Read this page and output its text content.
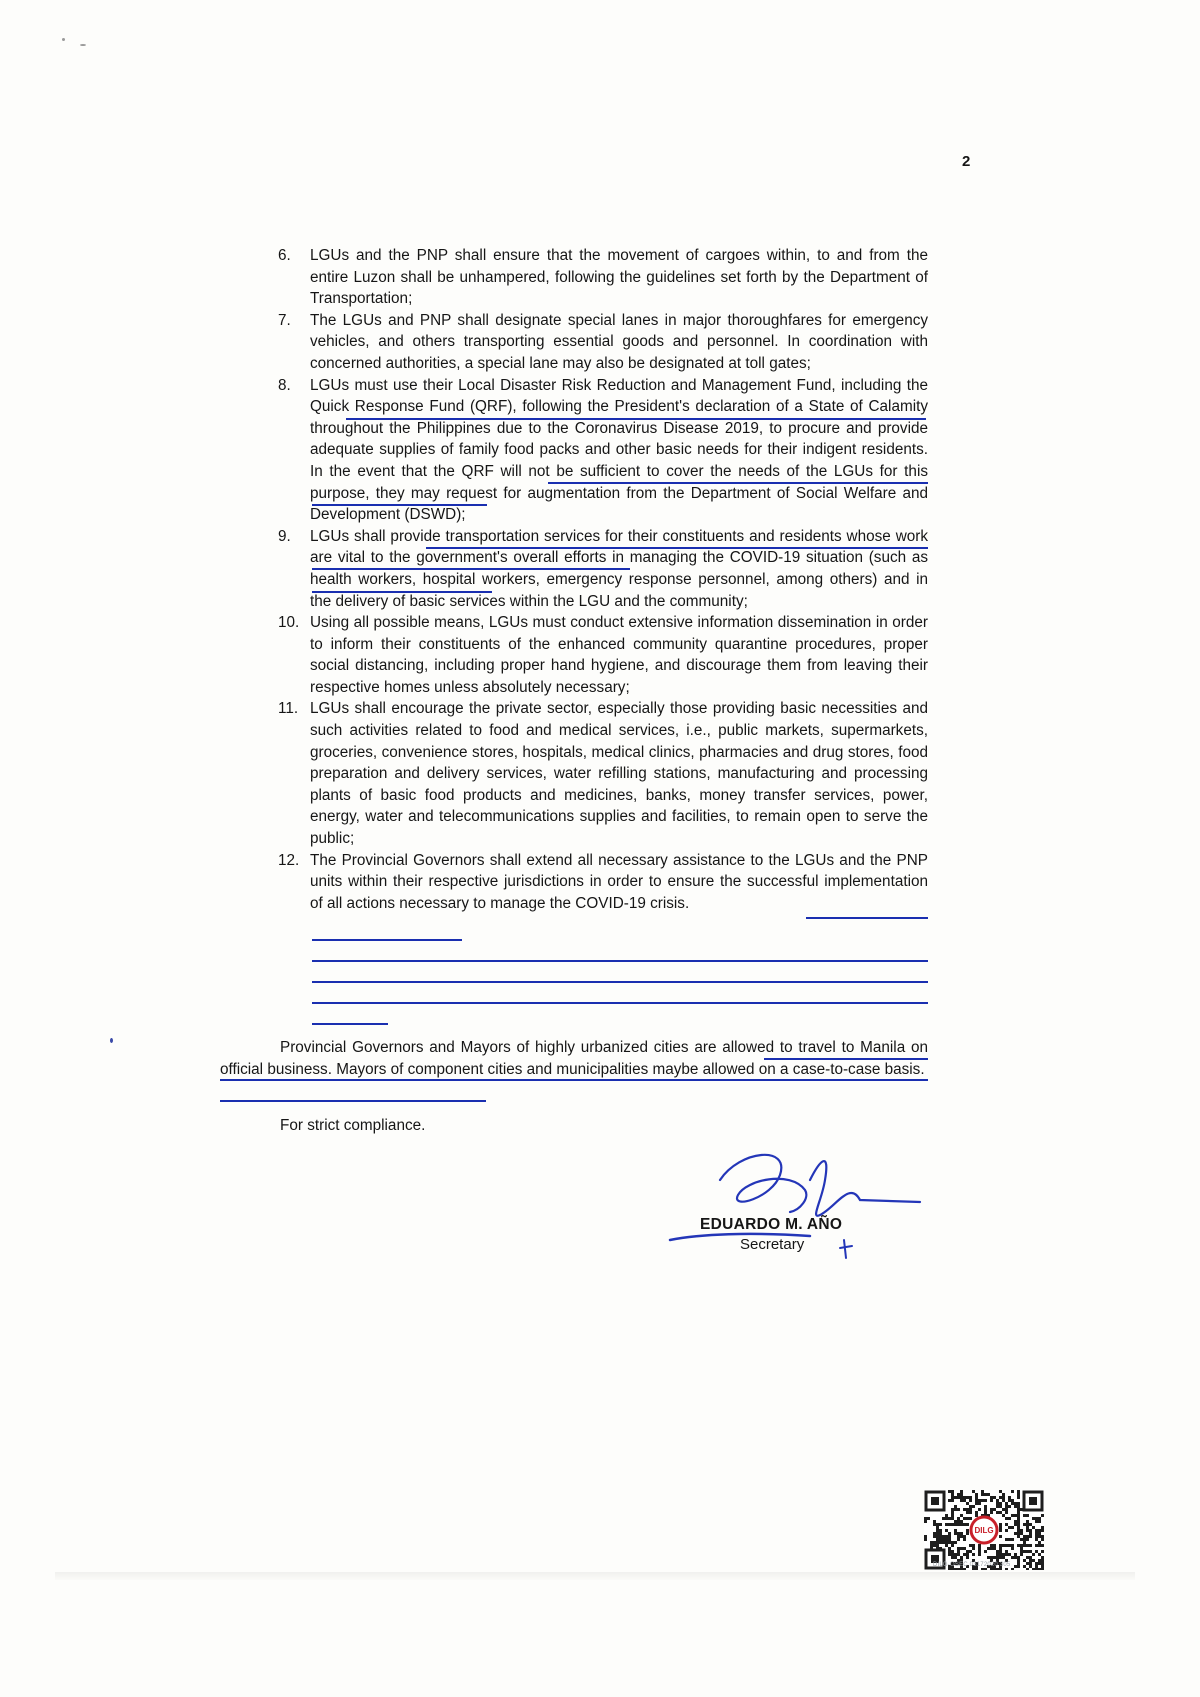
2
6.	LGUs and the PNP shall ensure that the movement of cargoes within, to and from the entire Luzon shall be unhampered, following the guidelines set forth by the Department of Transportation;
7.	The LGUs and PNP shall designate special lanes in major thoroughfares for emergency vehicles, and others transporting essential goods and personnel. In coordination with concerned authorities, a special lane may also be designated at toll gates;
8.	LGUs must use their Local Disaster Risk Reduction and Management Fund, including the Quick Response Fund (QRF), following the President's declaration of a State of Calamity throughout the Philippines due to the Coronavirus Disease 2019, to procure and provide adequate supplies of family food packs and other basic needs for their indigent residents. In the event that the QRF will not be sufficient to cover the needs of the LGUs for this purpose, they may request for augmentation from the Department of Social Welfare and Development (DSWD);
9.	LGUs shall provide transportation services for their constituents and residents whose work are vital to the government's overall efforts in managing the COVID-19 situation (such as health workers, hospital workers, emergency response personnel, among others) and in the delivery of basic services within the LGU and the community;
10. Using all possible means, LGUs must conduct extensive information dissemination in order to inform their constituents of the enhanced community quarantine procedures, proper social distancing, including proper hand hygiene, and discourage them from leaving their respective homes unless absolutely necessary;
11. LGUs shall encourage the private sector, especially those providing basic necessities and such activities related to food and medical services, i.e., public markets, supermarkets, groceries, convenience stores, hospitals, medical clinics, pharmacies and drug stores, food preparation and delivery services, water refilling stations, manufacturing and processing plants of basic food products and medicines, banks, money transfer services, power, energy, water and telecommunications supplies and facilities, to remain open to serve the public;
12. The Provincial Governors shall extend all necessary assistance to the LGUs and the PNP units within their respective jurisdictions in order to ensure the successful implementation of all actions necessary to manage the COVID-19 crisis.

Provincial Governors and Mayors of highly urbanized cities are allowed to travel to Manila on official business. Mayors of component cities and municipalities maybe allowed on a case-to-case basis.

For strict compliance.

EDUARDO M. AÑO
Secretary
DILG
DILG-OSEC 03172020 305
